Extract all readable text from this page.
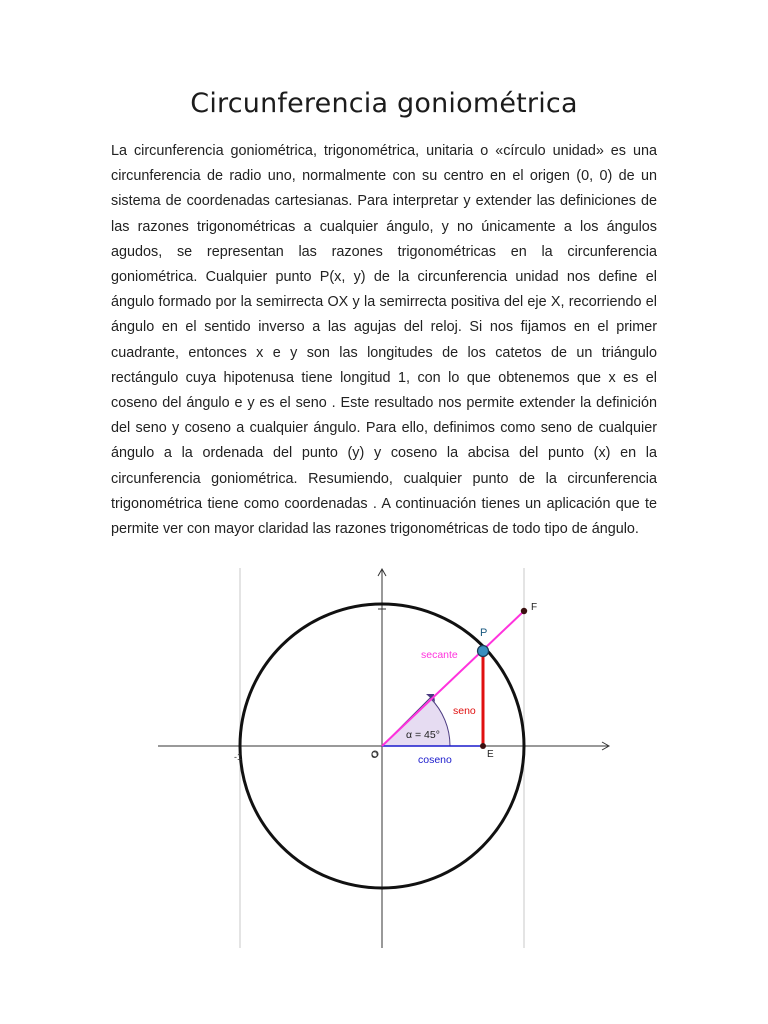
Circunferencia goniométrica

La circunferencia goniométrica, trigonométrica, unitaria o «círculo unidad» es una circunferencia de radio uno, normalmente con su centro en el origen (0, 0) de un sistema de coordenadas cartesianas. Para interpretar y extender las definiciones de las razones trigonométricas a cualquier ángulo, y no únicamente a los ángulos agudos, se representan las razones trigonométricas en la circunferencia goniométrica. Cualquier punto P(x, y) de la circunferencia unidad nos define el ángulo formado por la semirrecta OX y la semirrecta positiva del eje X, recorriendo el ángulo en el sentido inverso a las agujas del reloj. Si nos fijamos en el primer cuadrante, entonces x e y son las longitudes de los catetos de un triángulo rectángulo cuya hipotenusa tiene longitud 1, con lo que obtenemos que x es el coseno del ángulo e y es el seno . Este resultado nos permite extender la definición del seno y coseno a cualquier ángulo. Para ello, definimos como seno de cualquier ángulo a la ordenada del punto (y) y coseno la abcisa del punto (x) en la circunferencia goniométrica. Resumiendo, cualquier punto de la circunferencia trigonométrica tiene como coordenadas . A continuación tienes un aplicación que te permite ver con mayor claridad las razones trigonométricas de todo tipo de ángulo.

F
P
secante
seno
α = 45°
E
coseno
O
-1
